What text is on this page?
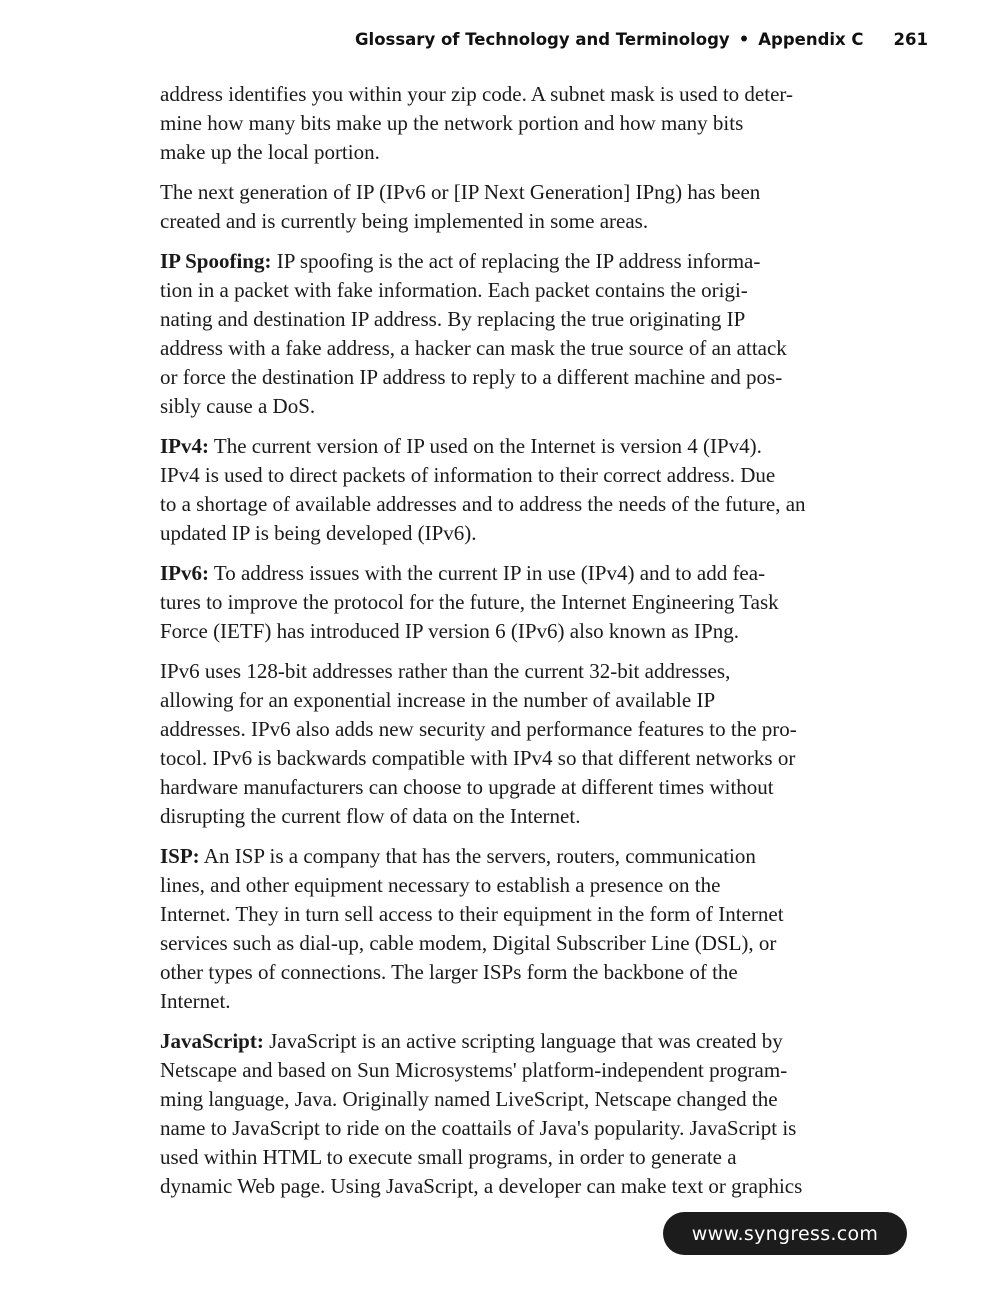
Glossary of Technology and Terminology • Appendix C 261

address identifies you within your zip code. A subnet mask is used to deter-
mine how many bits make up the network portion and how many bits
make up the local portion.

The next generation of IP (IPv6 or [IP Next Generation] IPng) has been
created and is currently being implemented in some areas.

IP Spoofing: IP spoofing is the act of replacing the IP address informa-
tion in a packet with fake information. Each packet contains the origi-
nating and destination IP address. By replacing the true originating IP
address with a fake address, a hacker can mask the true source of an attack
or force the destination IP address to reply to a different machine and pos-
sibly cause a DoS.

IPv4: The current version of IP used on the Internet is version 4 (IPv4).
IPv4 is used to direct packets of information to their correct address. Due
to a shortage of available addresses and to address the needs of the future, an
updated IP is being developed (IPv6).

IPv6: To address issues with the current IP in use (IPv4) and to add fea-
tures to improve the protocol for the future, the Internet Engineering Task
Force (IETF) has introduced IP version 6 (IPv6) also known as IPng.

IPv6 uses 128-bit addresses rather than the current 32-bit addresses,
allowing for an exponential increase in the number of available IP
addresses. IPv6 also adds new security and performance features to the pro-
tocol. IPv6 is backwards compatible with IPv4 so that different networks or
hardware manufacturers can choose to upgrade at different times without
disrupting the current flow of data on the Internet.

ISP: An ISP is a company that has the servers, routers, communication
lines, and other equipment necessary to establish a presence on the
Internet. They in turn sell access to their equipment in the form of Internet
services such as dial-up, cable modem, Digital Subscriber Line (DSL), or
other types of connections. The larger ISPs form the backbone of the
Internet.

JavaScript: JavaScript is an active scripting language that was created by
Netscape and based on Sun Microsystems' platform-independent program-
ming language, Java. Originally named LiveScript, Netscape changed the
name to JavaScript to ride on the coattails of Java's popularity. JavaScript is
used within HTML to execute small programs, in order to generate a
dynamic Web page. Using JavaScript, a developer can make text or graphics

www.syngress.com
